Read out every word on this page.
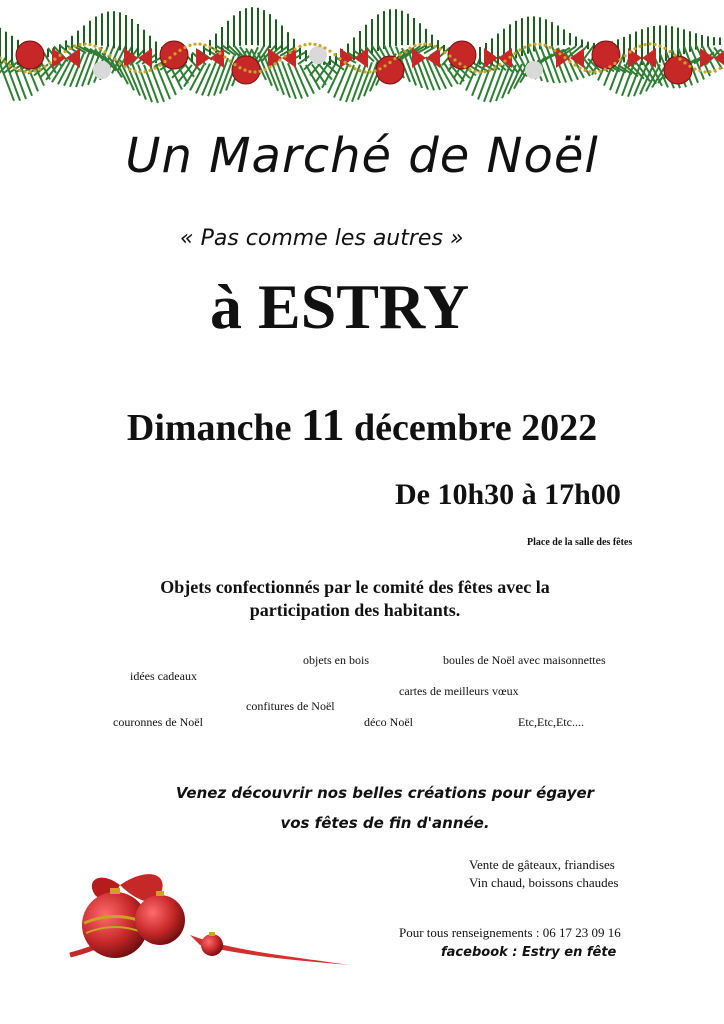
Un Marché de Noël
« Pas comme les autres »
à ESTRY
Dimanche 11 décembre 2022
De 10h30 à 17h00
Place de la salle des fêtes
Objets confectionnés par le comité des fêtes avec la
participation des habitants.
objets en bois	boules de Noël avec maisonnettes
idées cadeaux
cartes de meilleurs vœux
confitures de Noël
couronnes de Noël	déco Noël	Etc,Etc,Etc....
Venez découvrir nos belles créations pour égayer
vos fêtes de fin d'année.
Vente de gâteaux, friandises
Vin chaud, boissons chaudes
Pour tous renseignements : 06 17 23 09 16
facebook : Estry en fête
